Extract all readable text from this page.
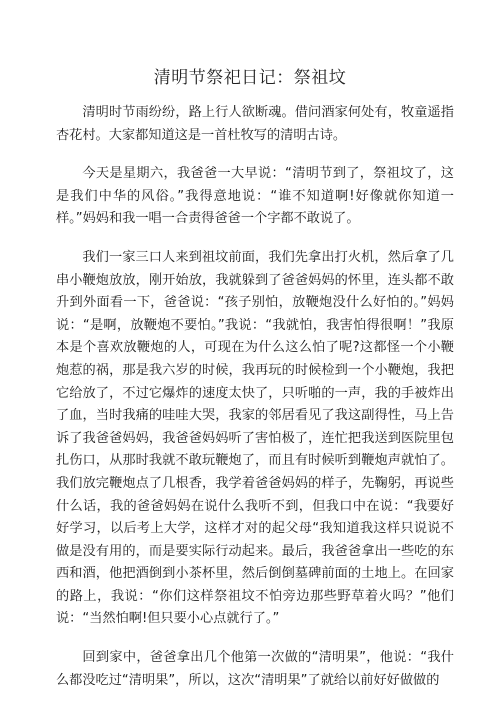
清明节祭祀日记：祭祖坟

清明时节雨纷纷，路上行人欲断魂。借问酒家何处有，牧童遥指杏花村。大家都知道这是一首杜牧写的清明古诗。

今天是星期六，我爸爸一大早说：“清明节到了，祭祖坟了，这是我们中华的风俗。”我得意地说：“谁不知道啊!好像就你知道一样。”妈妈和我一唱一合责得爸爸一个字都不敢说了。

我们一家三口人来到祖坟前面，我们先拿出打火机，然后拿了几串小鞭炮放放，刚开始放，我就躲到了爸爸妈妈的怀里，连头都不敢升到外面看一下，爸爸说：“孩子别怕，放鞭炮没什么好怕的。”妈妈说：“是啊，放鞭炮不要怕。”我说：“我就怕，我害怕得很啊！”我原本是个喜欢放鞭炮的人，可现在为什么这么怕了呢?这都怪一个小鞭炮惹的祸，那是我六岁的时候，我再玩的时候检到一个小鞭炮，我把它给放了，不过它爆炸的速度太快了，只听啪的一声，我的手被炸出了血，当时我痛的哇哇大哭，我家的邻居看见了我这副得性，马上告诉了我爸爸妈妈，我爸爸妈妈听了害怕极了，连忙把我送到医院里包扎伤口，从那时我就不敢玩鞭炮了，而且有时候听到鞭炮声就怕了。我们放完鞭炮点了几根香，我学着爸爸妈妈的样子，先鞠躬，再说些什么话，我的爸爸妈妈在说什么我听不到，但我口中在说：“我要好好学习，以后考上大学，这样才对的起父母“我知道我这样只说说不做是没有用的，而是要实际行动起来。最后，我爸爸拿出一些吃的东西和酒，他把酒倒到小茶杯里，然后倒倒墓碑前面的土地上。在回家的路上，我说：“你们这样祭祖坟不怕旁边那些野草着火吗？”他们说：“当然怕啊!但只要小心点就行了。”

回到家中，爸爸拿出几个他第一次做的“清明果”，他说：“我什么都没吃过“清明果”，所以，这次“清明果”了就给以前好好做做的
